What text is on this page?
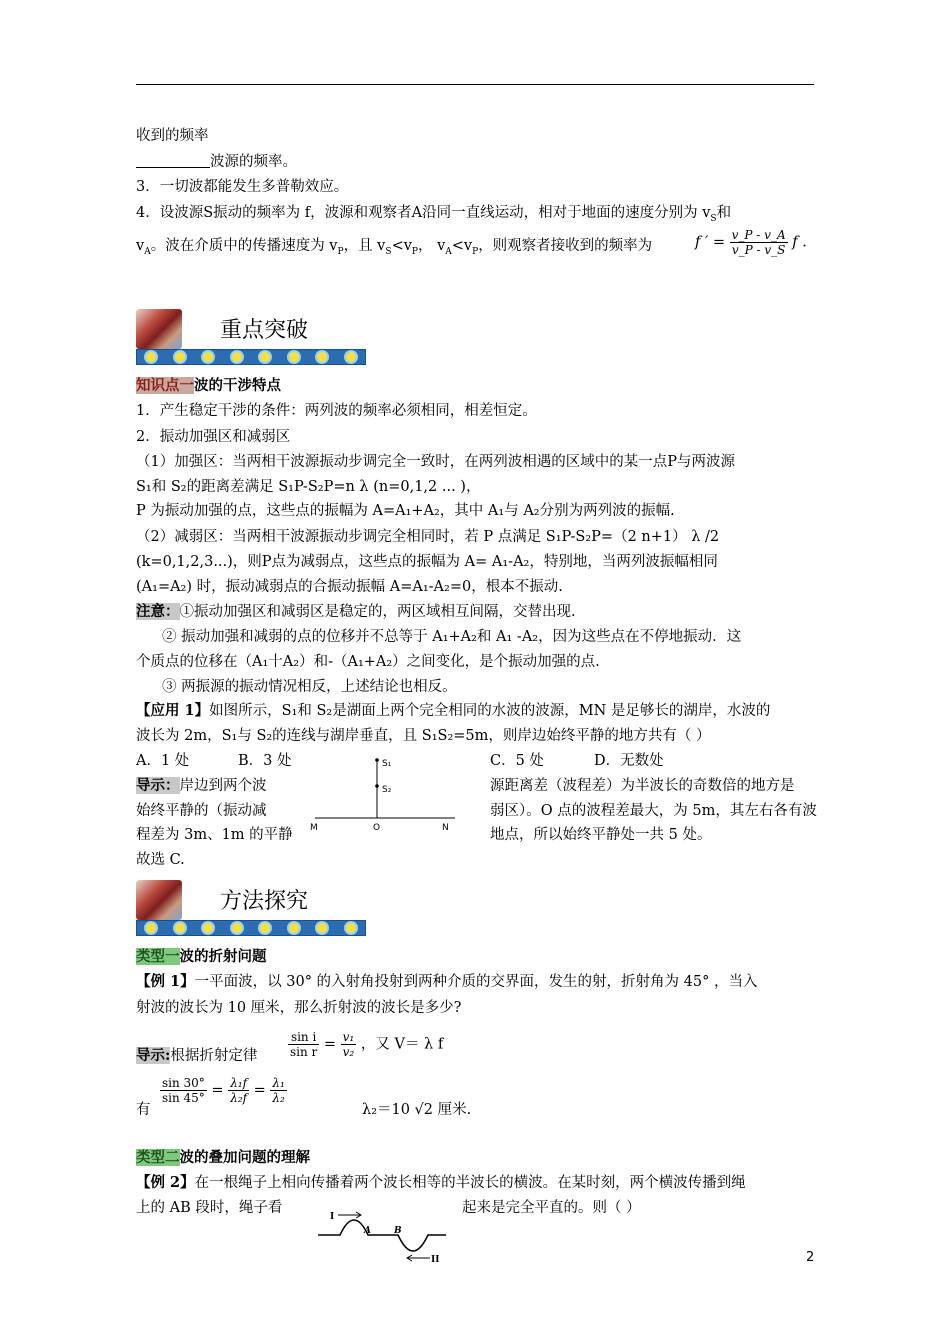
收到的频率
波源的频率。
3．一切波都能发生多普勒效应。
4．设波源S振动的频率为 f，波源和观察者A沿同一直线运动，相对于地面的速度分别为 $v_S$和
$v_A$。波在介质中的传播速度为 $v_P$，且 $v_S<v_P$， $v_A<v_P$，则观察者接收到的频率为	f ′ = $\frac{v\_P - v\_A}{v\_P - v\_S}$ f .
重点突破
知识点一波的干涉特点
1．产生稳定干涉的条件：两列波的频率必须相同，相差恒定。
2．振动加强区和减弱区
（1）加强区：当两相干波源振动步调完全一致时，在两列波相遇的区域中的某一点P与两波源
S₁和 S₂的距离差满足 S₁P-S₂P=n λ (n=0,1,2 ... )，
P 为振动加强的点，这些点的振幅为 A=A₁+A₂，其中 A₁与 A₂分别为两列波的振幅.
（2）减弱区：当两相干波源振动步调完全相同时，若 P 点满足 S₁P-S₂P=（2 n+1） λ /2
(k=0,1,2,3...)，则P点为减弱点，这些点的振幅为 A= A₁-A₂，特别地，当两列波振幅相同
(A₁=A₂) 时，振动减弱点的合振动振幅 A=A₁-A₂=0，根本不振动.
注意：①振动加强区和减弱区是稳定的，两区域相互间隔，交替出现.
② 振动加强和减弱的点的位移并不总等于 A₁+A₂和 A₁ -A₂，因为这些点在不停地振动．这
个质点的位移在（A₁十A₂）和-（A₁+A₂）之间变化，是个振动加强的点.
③ 两振源的振动情况相反，上述结论也相反。
【应用 1】如图所示，S₁和 S₂是湖面上两个完全相同的水波的波源，MN 是足够长的湖岸，水波的
波长为 2m，S₁与 S₂的连线与湖岸垂直，且 S₁S₂=5m，则岸边始终平静的地方共有（ ）
A．1 处	B．3 处	C．5 处	D．无数处
导示：岸边到两个波
始终平静的（振动减
程差为 3m、1m 的平静
故选 C.
源距离差（波程差）为半波长的奇数倍的地方是
弱区）。O 点的波程差最大，为 5m，其左右各有波
地点，所以始终平静处一共 5 处。
S₁
S₂
M	O	N
方法探究
类型一波的折射问题
【例 1】一平面波，以 30° 的入射角投射到两种介质的交界面，发生的射，折射角为 45° ，当入
射波的波长为 10 厘米，那么折射波的波长是多少?
导示:根据折射定律	$\frac{\text{sin i}}{\text{sin r}} = \frac{\text{v₁}}{\text{v₂}}$ ，又 V＝ λ f
有
$\frac{\sin 30^\circ}{\sin 45^\circ} = \frac{\text{λ₁f}}{\text{λ₂f}} = \frac{\text{λ₁}}{\text{λ₂}}$
λ₂＝10 √2 厘米.
类型二波的叠加问题的理解
【例 2】在一根绳子上相向传播着两个波长相等的半波长的横波。在某时刻，两个横波传播到绳
上的 AB 段时，绳子看	起来是完全平直的。则（ ）
I
A	B
II	2
